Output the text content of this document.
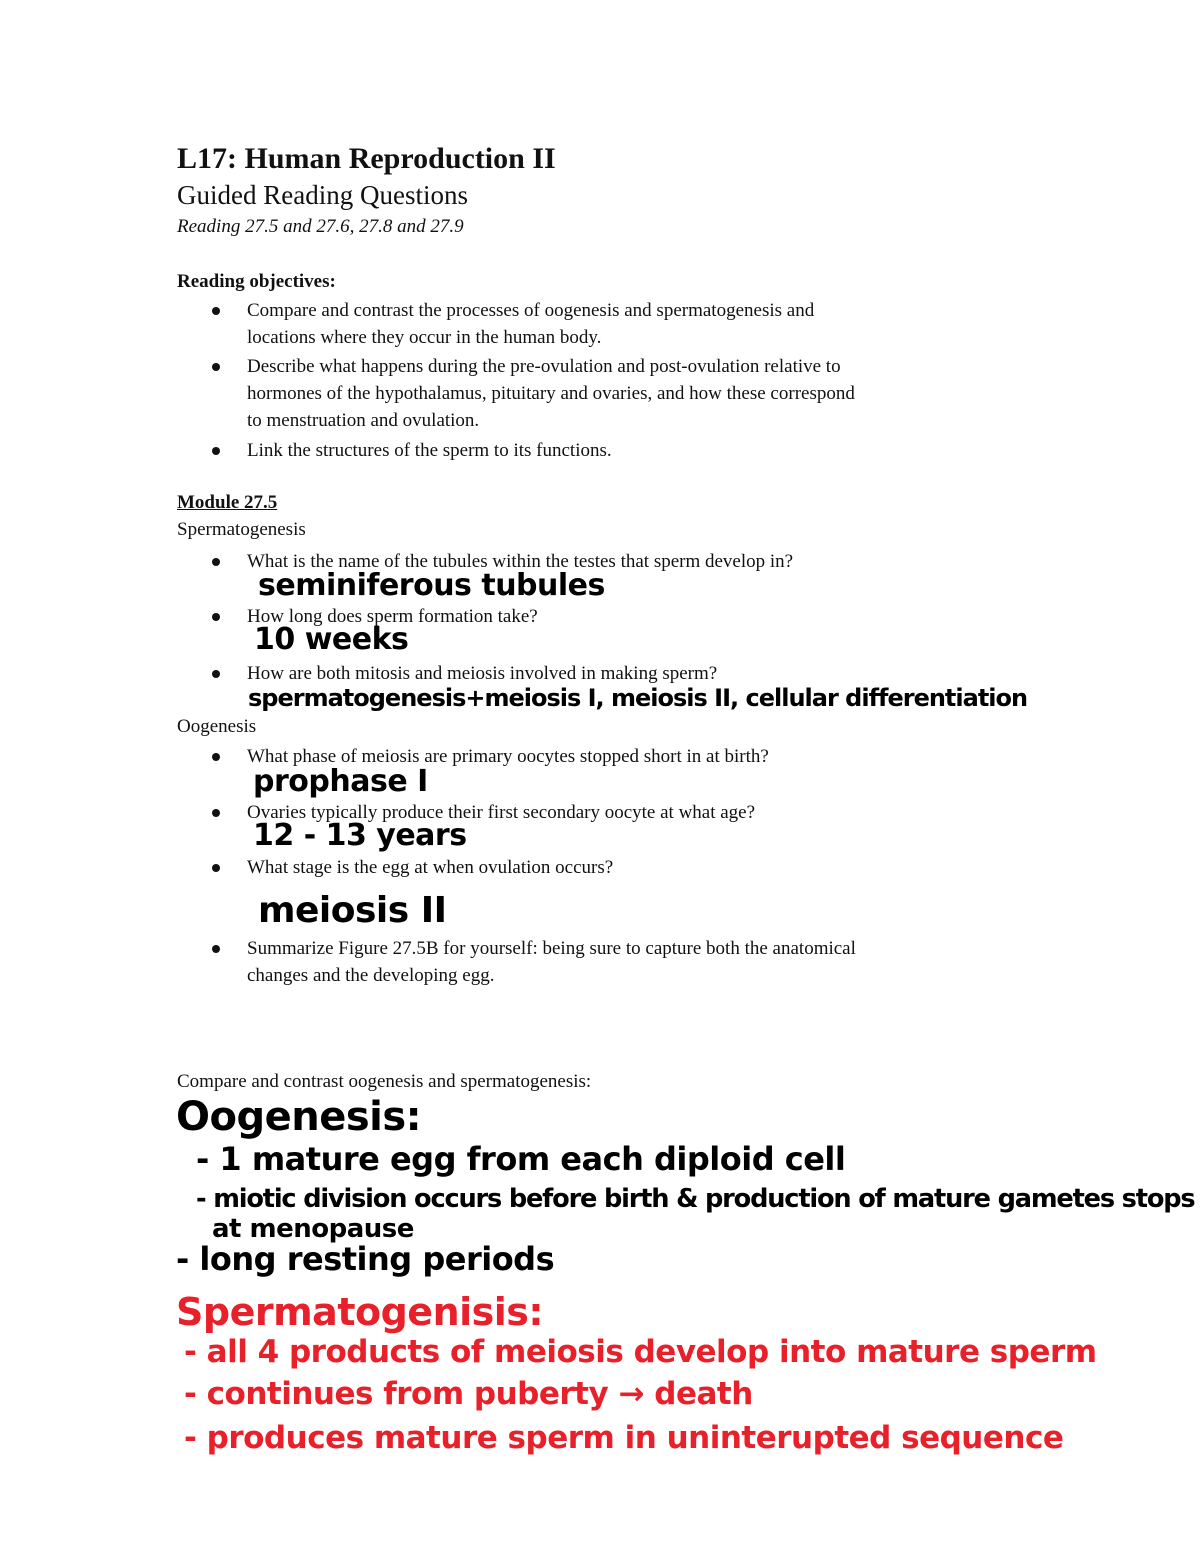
L17: Human Reproduction II
Guided Reading Questions
Reading 27.5 and 27.6, 27.8 and 27.9
Reading objectives:
Compare and contrast the processes of oogenesis and spermatogenesis and
locations where they occur in the human body.
Describe what happens during the pre-ovulation and post-ovulation relative to
hormones of the hypothalamus, pituitary and ovaries, and how these correspond
to menstruation and ovulation.
Link the structures of the sperm to its functions.
Module 27.5
Spermatogenesis
What is the name of the tubules within the testes that sperm develop in?
seminiferous tubules
How long does sperm formation take?
10 weeks
How are both mitosis and meiosis involved in making sperm?
spermatogenesis+meiosis I, meiosis II, cellular differentiation
Oogenesis
What phase of meiosis are primary oocytes stopped short in at birth?
prophase I
Ovaries typically produce their first secondary oocyte at what age?
12 - 13 years
What stage is the egg at when ovulation occurs?
meiosis II
Summarize Figure 27.5B for yourself: being sure to capture both the anatomical
changes and the developing egg.
Compare and contrast oogenesis and spermatogenesis:
Oogenesis:
- 1 mature egg from each diploid cell
- miotic division occurs before birth & production of mature gametes stops
at menopause
- long resting periods
Spermatogenisis:
- all 4 products of meiosis develop into mature sperm
- continues from puberty → death
- produces mature sperm in uninterupted sequence
